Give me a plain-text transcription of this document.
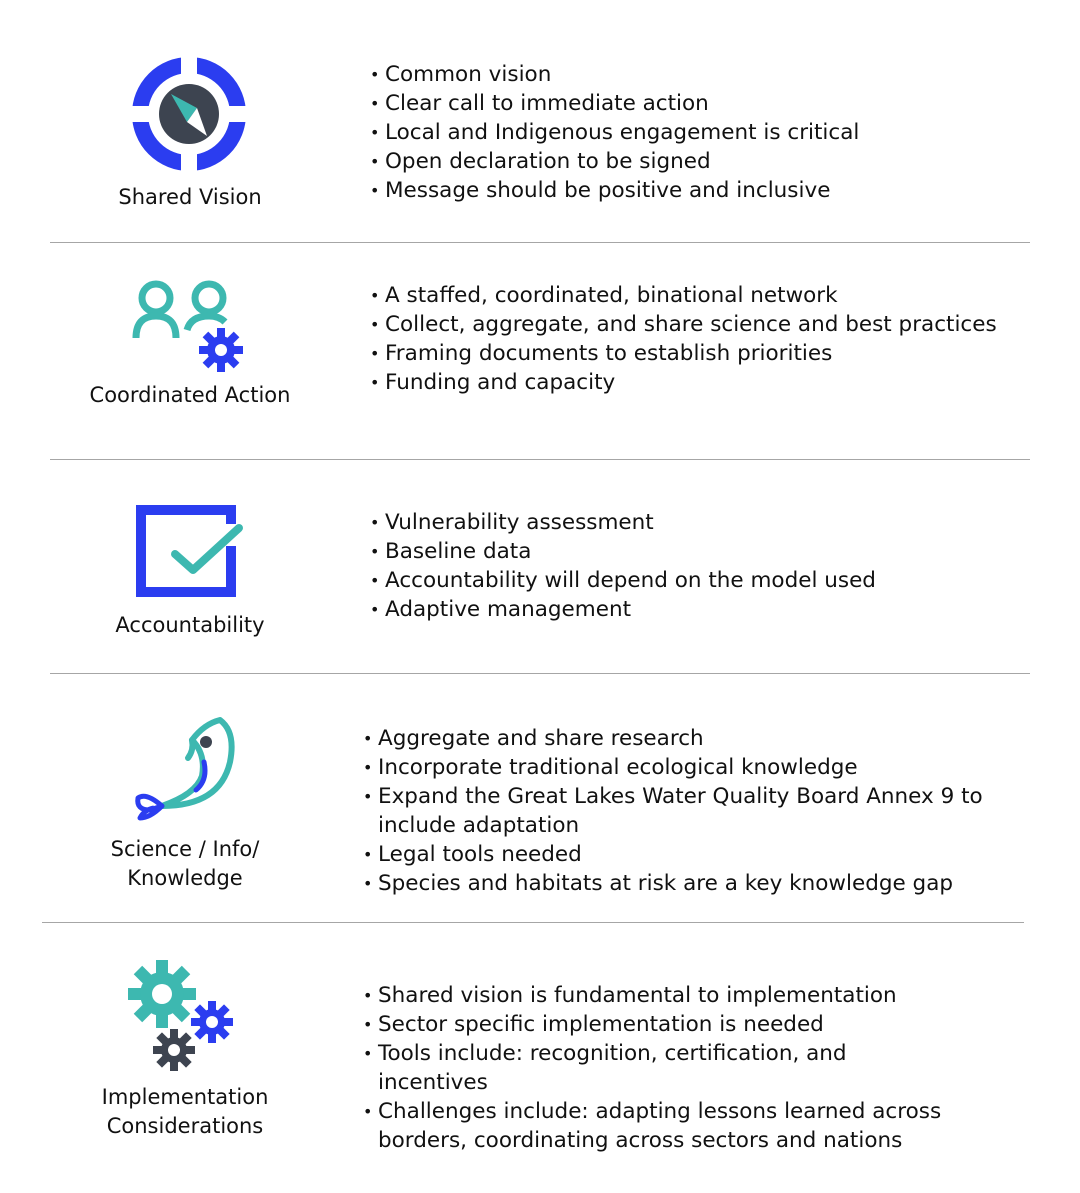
Shared Vision
• Common vision
• Clear call to immediate action
• Local and Indigenous engagement is critical
• Open declaration to be signed
• Message should be positive and inclusive
Coordinated Action
• A staffed, coordinated, binational network
• Collect, aggregate, and share science and best practices
• Framing documents to establish priorities
• Funding and capacity
Accountability
• Vulnerability assessment
• Baseline data
• Accountability will depend on the model used
• Adaptive management
Science / Info/
Knowledge
• Aggregate and share research
• Incorporate traditional ecological knowledge
• Expand the Great Lakes Water Quality Board Annex 9 to include adaptation
• Legal tools needed
• Species and habitats at risk are a key knowledge gap
Implementation
Considerations
• Shared vision is fundamental to implementation
• Sector specific implementation is needed
• Tools include: recognition, certification, and incentives
• Challenges include: adapting lessons learned across borders, coordinating across sectors and nations
